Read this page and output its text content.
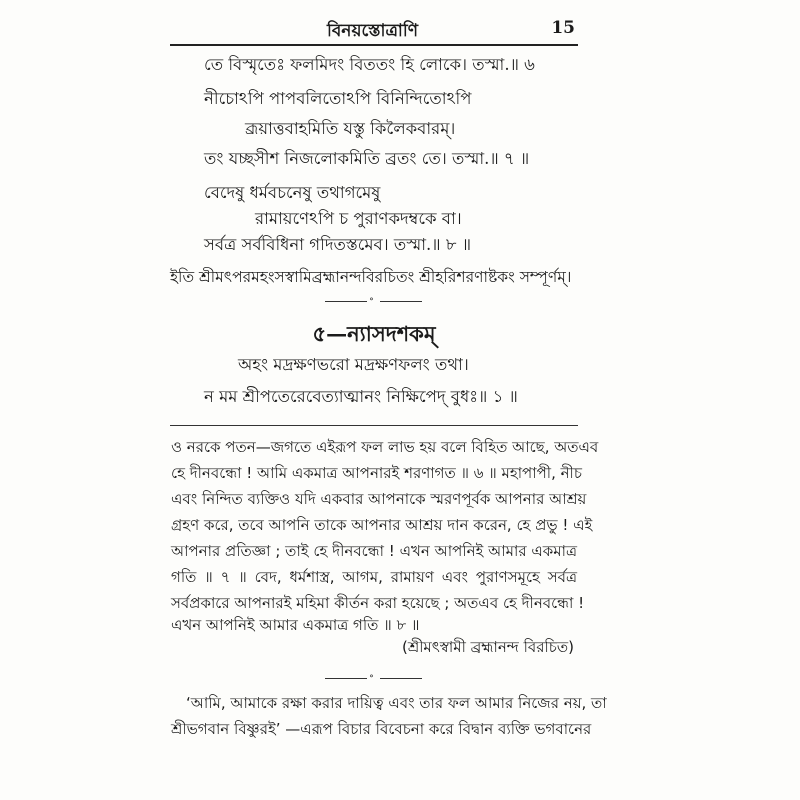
বিনয়স্তোত্রাণি	15
তে বিস্মৃতেঃ ফলমিদং বিততং হি লোকে। তস্মা.॥ ৬
নীচোঽপি পাপবলিতোঽপি বিনিন্দিতোঽপি
ব্রূয়াত্তবাহমিতি যস্তু কিলৈকবারম্।
তং যচ্ছসীশ নিজলোকমিতি ব্রতং তে। তস্মা.॥ ৭ ॥
বেদেষু ধর্মবচনেষু তথাগমেষু
রামায়ণেঽপি চ পুরাণকদম্বকে বা।
সর্বত্র সর্ববিধিনা গদিতস্তমেব। তস্মা.॥ ৮ ॥
ইতি শ্রীমৎপরমহংসস্বামিব্রহ্মানন্দবিরচিতং শ্রীহরিশরণাষ্টকং সম্পূর্ণম্।
∘
৫—ন্যাসদশকম্
অহং মদ্রক্ষণভরো মদ্রক্ষণফলং তথা।
ন মম শ্রীপতেরেবেত্যাত্মানং নিক্ষিপেদ্ বুধঃ॥ ১ ॥
ও নরকে পতন—জগতে এইরূপ ফল লাভ হয় বলে বিহিত আছে, অতএব
হে দীনবন্ধো ! আমি একমাত্র আপনারই শরণাগত ॥ ৬ ॥ মহাপাপী, নীচ
এবং নিন্দিত ব্যক্তিও যদি একবার আপনাকে স্মরণপূর্বক আপনার আশ্রয়
গ্রহণ করে, তবে আপনি তাকে আপনার আশ্রয় দান করেন, হে প্রভু ! এই
আপনার প্রতিজ্ঞা ; তাই হে দীনবন্ধো ! এখন আপনিই আমার একমাত্র
গতি ॥ ৭ ॥ বেদ, ধর্মশাস্ত্র, আগম, রামায়ণ এবং পুরাণসমূহে সর্বত্র
সর্বপ্রকারে আপনারই মহিমা কীর্তন করা হয়েছে ; অতএব হে দীনবন্ধো !
এখন আপনিই আমার একমাত্র গতি ॥ ৮ ॥
(শ্রীমৎস্বামী ব্রহ্মানন্দ বিরচিত)
∘
‘আমি, আমাকে রক্ষা করার দায়িত্ব এবং তার ফল আমার নিজের নয়, তা
শ্রীভগবান বিষ্ণুরই’ —এরূপ বিচার বিবেচনা করে বিদ্বান ব্যক্তি ভগবানের
